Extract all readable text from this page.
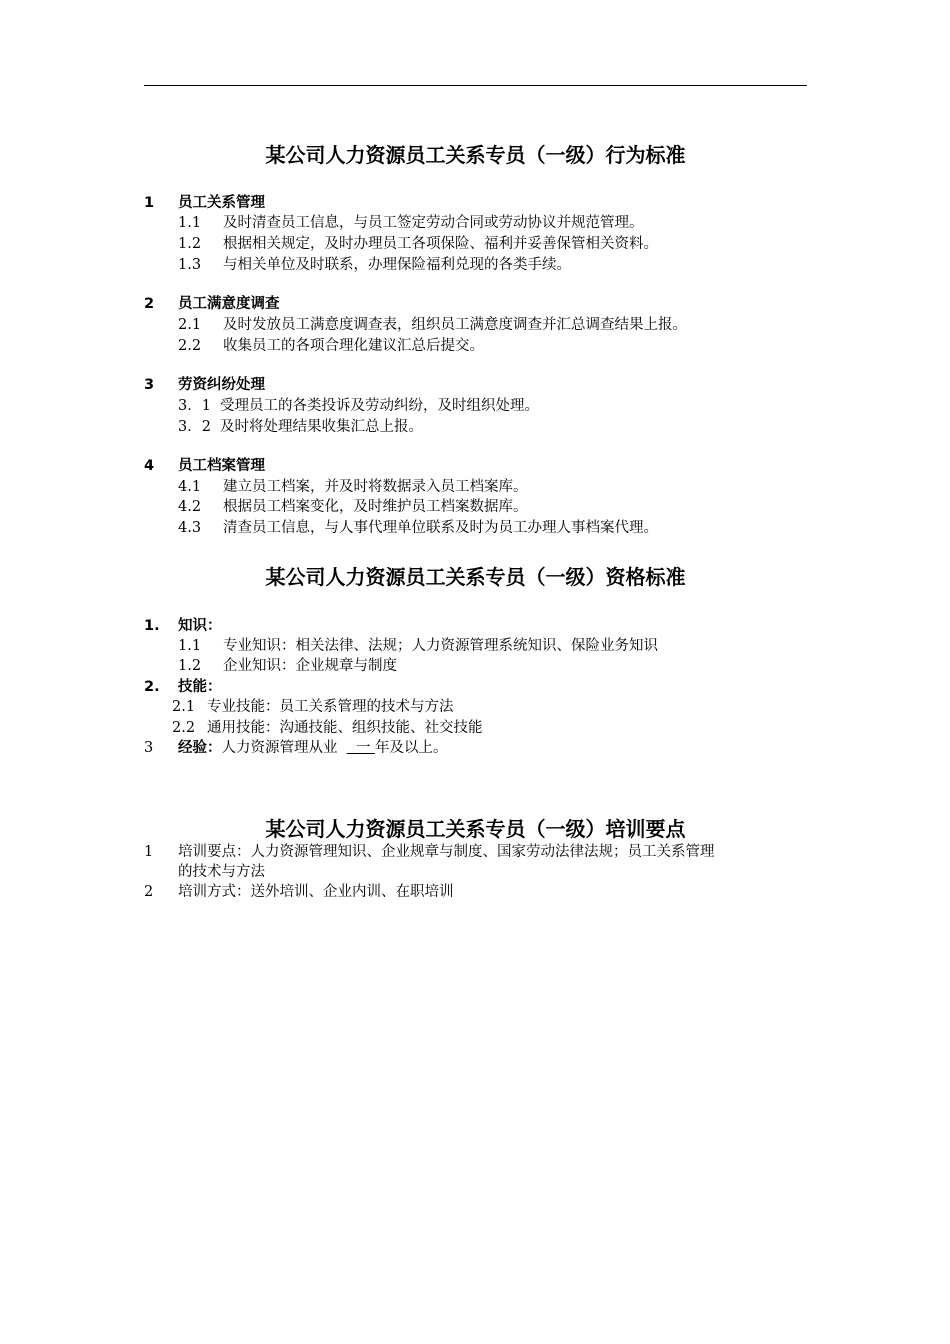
某公司人力资源员工关系专员（一级）行为标准
1 员工关系管理
1.1 及时清查员工信息，与员工签定劳动合同或劳动协议并规范管理。
1.2 根据相关规定，及时办理员工各项保险、福利并妥善保管相关资料。
1.3 与相关单位及时联系，办理保险福利兑现的各类手续。
2 员工满意度调查
2.1 及时发放员工满意度调查表，组织员工满意度调查并汇总调查结果上报。
2.2 收集员工的各项合理化建议汇总后提交。
3 劳资纠纷处理
3．1 受理员工的各类投诉及劳动纠纷，及时组织处理。
3．2 及时将处理结果收集汇总上报。
4 员工档案管理
4.1 建立员工档案，并及时将数据录入员工档案库。
4.2 根据员工档案变化，及时维护员工档案数据库。
4.3 清查员工信息，与人事代理单位联系及时为员工办理人事档案代理。
某公司人力资源员工关系专员（一级）资格标准
1. 知识：
1.1 专业知识：相关法律、法规；人力资源管理系统知识、保险业务知识
1.2 企业知识：企业规章与制度
2. 技能：
2.1 专业技能：员工关系管理的技术与方法
2.2 通用技能：沟通技能、组织技能、社交技能
3 经验：人力资源管理从业 一 年及以上。
某公司人力资源员工关系专员（一级）培训要点
1 培训要点：人力资源管理知识、企业规章与制度、国家劳动法律法规；员工关系管理
的技术与方法
2 培训方式：送外培训、企业内训、在职培训
